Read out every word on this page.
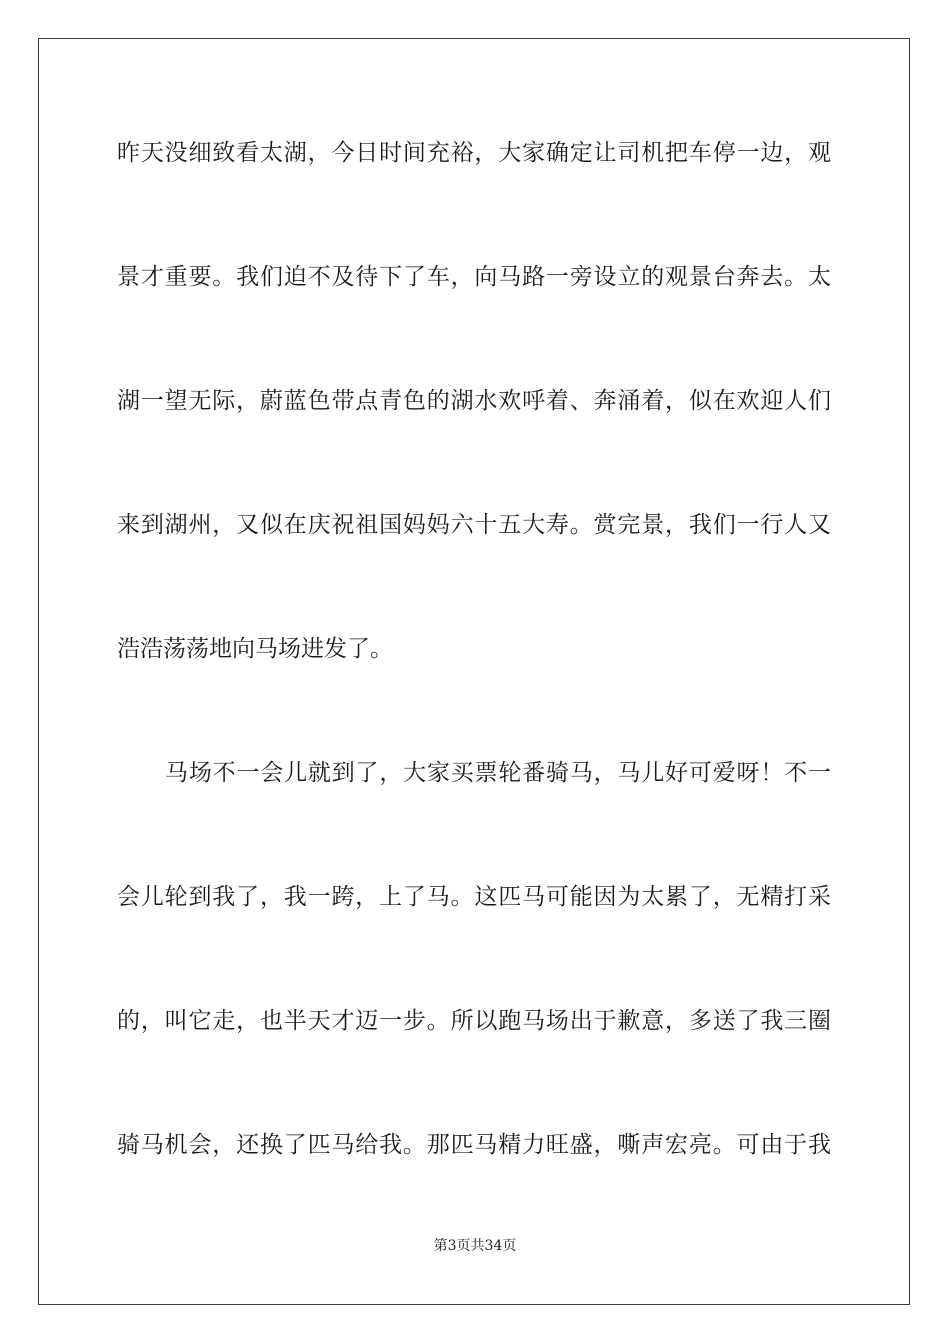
昨天没细致看太湖，今日时间充裕，大家确定让司机把车停一边，观
景才重要。我们迫不及待下了车，向马路一旁设立的观景台奔去。太
湖一望无际，蔚蓝色带点青色的湖水欢呼着、奔涌着，似在欢迎人们
来到湖州，又似在庆祝祖国妈妈六十五大寿。赏完景，我们一行人又
浩浩荡荡地向马场进发了。
马场不一会儿就到了，大家买票轮番骑马，马儿好可爱呀！不一
会儿轮到我了，我一跨，上了马。这匹马可能因为太累了，无精打采
的，叫它走，也半天才迈一步。所以跑马场出于歉意，多送了我三圈
骑马机会，还换了匹马给我。那匹马精力旺盛，嘶声宏亮。可由于我
第3页共34页
